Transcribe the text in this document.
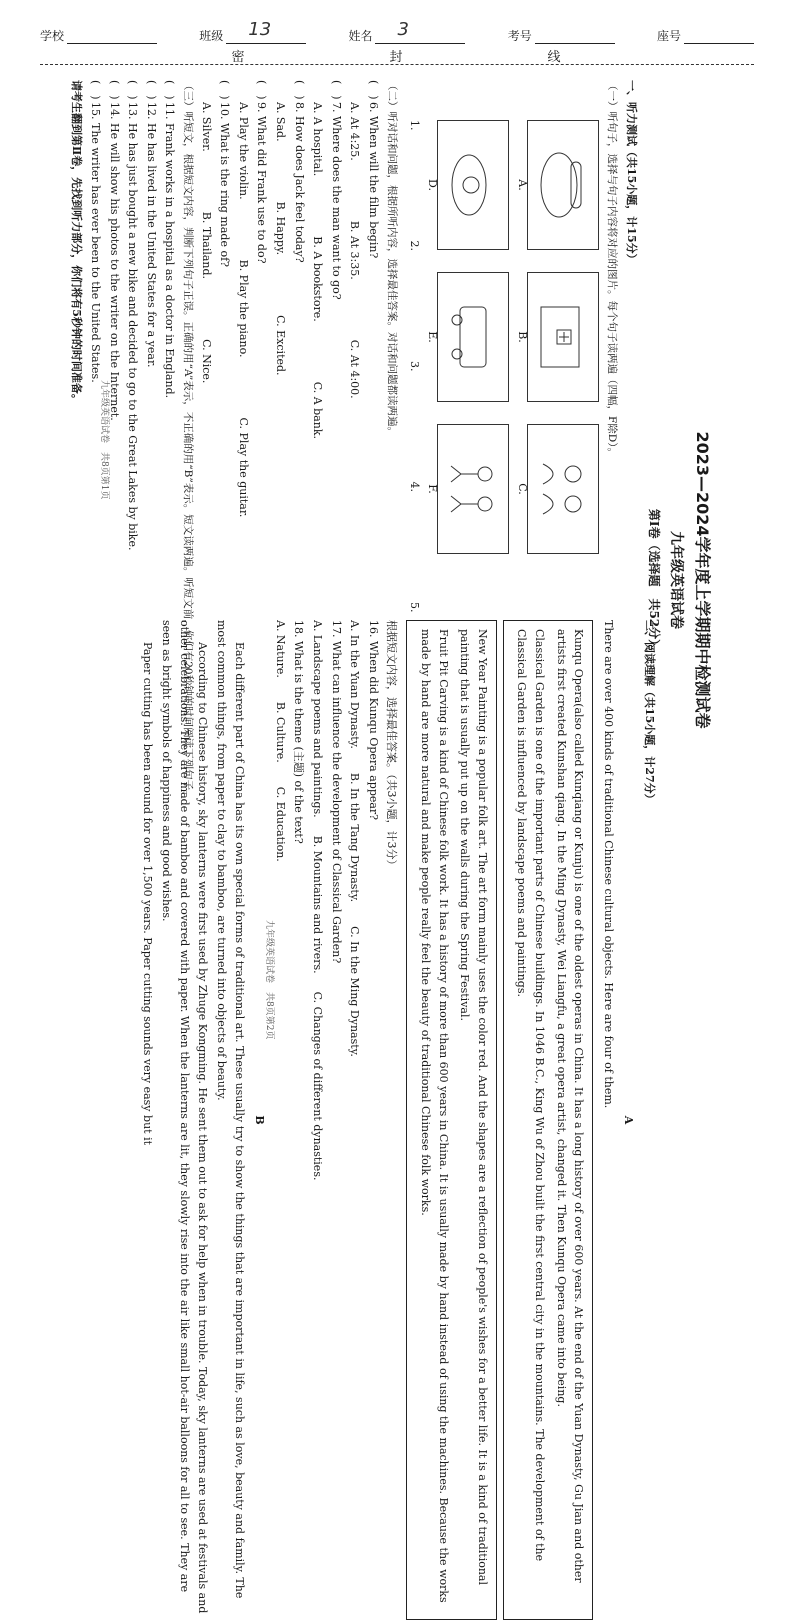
学校	班级 13	姓名 3	考号	座号
密	封	线

2023—2024学年度上学期期中检测试卷

九年级英语试卷

第Ⅰ卷（选择题　共52分）

一、听力测试（共15小题，计15分）

（一）听句子，选择与句子内容将对应的图片。每个句子读两遍（四幅，F除D）。

A.
B.
C.
D.
E.
F.
1.
2.
3.
4.
5.

（二）听对话和问题，根据所听内容，选择最佳答案。对话和问题都读两遍。

(　)6. When will the film begin?
A. At 4:25.
B. At 3:35.
C. At 4:00.
(　)7. Where does the man want to go?
A. A hospital.
B. A bookstore.
C. A bank.
(　)8. How does Jack feel today?
A. Sad.
B. Happy.
C. Excited.
(　)9. What did Frank use to do?
A. Play the violin.
B. Play the piano.
C. Play the guitar.
(　)10. What is the ring made of?
A. Silver.
B. Thailand.
C. Nice.

（三）听短文，根据短文内容，判断下列句子正误。正确的用“A”表示，不正确的用“B”表示。短文读两遍。听短文前，你们有20秒钟的时间阅读下列句子。

(　)11. Frank works in a hospital as a doctor in England.
(　)12. He has lived in the United States for a year.
(　)13. He has just bought a new bike and decided to go to the Great Lakes by bike.
(　)14. He will show his photos to the writer on the Internet.
(　)15. The writer has ever been to the United States.

请考生翻到第Ⅱ卷，先找到听力部分，你们将有5秒钟的时间准备。

九年级英语试卷　共8页第1页

二、阅读理解（共15小题，计27分）

A

There are over 400 kinds of traditional Chinese cultural objects. Here are four of them.

Kunqu Opera(also called Kunqiang or Kunju) is one of the oldest operas in China. It has a long history of over 600 years. At the end of the Yuan Dynasty, Gu Jian and other artists first created Kunshan qiang. In the Ming Dynasty, Wei Liangfu, a great opera artist, changed it. Then Kunqu Opera came into being.

Classical Garden is one of the important parts of Chinese buildings. In 1046 B.C., King Wu of Zhou built the first central city in the mountains. The development of the Classical Garden is influenced by landscape poems and paintings.

New Year Painting is a popular folk art. The art form mainly uses the color red. And the shapes are a reflection of people's wishes for a better life. It is a kind of traditional painting that is usually put up on the walls during the Spring Festival.

Fruit Pit Carving is a kind of Chinese folk work. It has a history of more than 600 years in China. It is usually made by hand instead of using the machines. Because the works made by hand are more natural and make people really feel the beauty of traditional Chinese folk works.

根据短文内容，选择最佳答案。（共3小题，计3分）

16. When did Kunqu Opera appear?
A. In the Yuan Dynasty.
B. In the Tang Dynasty.
C. In the Ming Dynasty.
17. What can influence the development of Classical Garden?
A. Landscape poems and paintings.
B. Mountains and rivers.
C. Changes of different dynasties.
18. What is the theme (主题) of the text?
A. Nature.
B. Culture.
C. Education.

B

Each different part of China has its own special forms of traditional art. These usually try to show the things that are important in life, such as love, beauty and family. The most common things, from paper to clay to bamboo, are turned into objects of beauty.

According to Chinese history, sky lanterns were first used by Zhuge Kongming. He sent them out to ask for help when in trouble. Today, sky lanterns are used at festivals and other celebrations. They are made of bamboo and covered with paper. When the lanterns are lit, they slowly rise into the air like small hot-air balloons for all to see. They are seen as bright symbols of happiness and good wishes.

Paper cutting has been around for over 1,500 years. Paper cutting sounds very easy but it	九年级英语试卷　共8页第2页
